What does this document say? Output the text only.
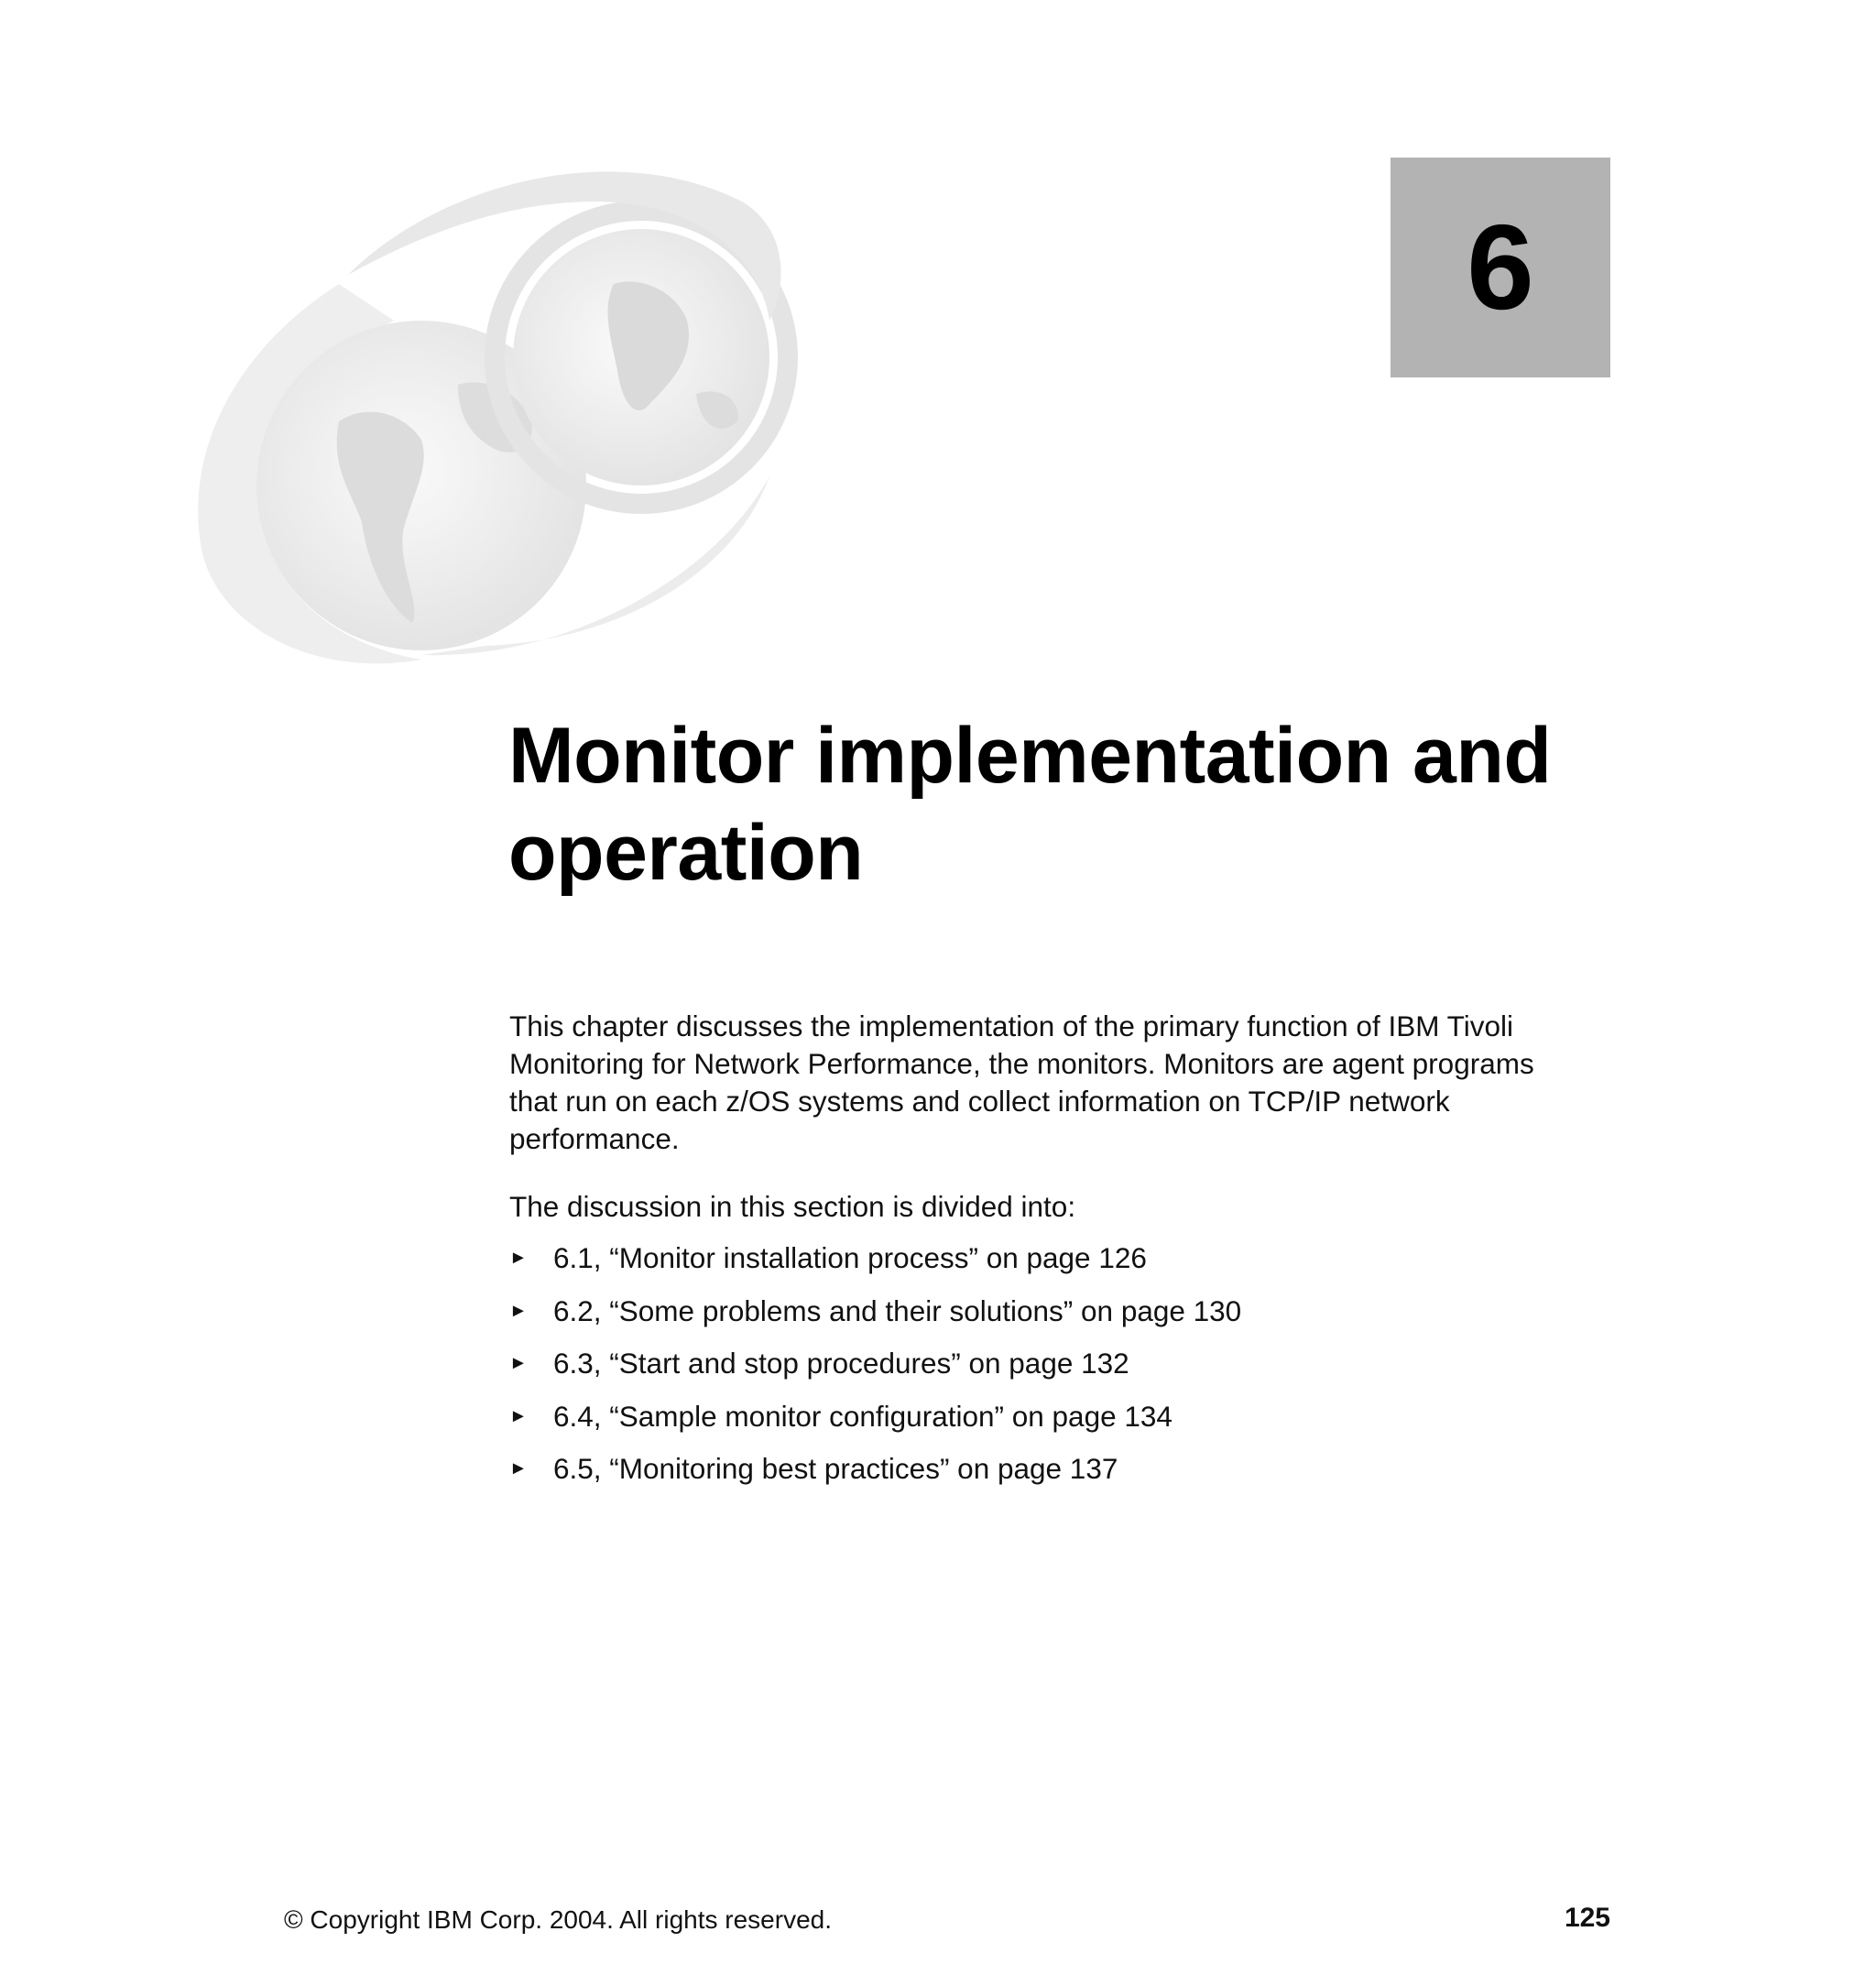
6
Monitor implementation and
operation

This chapter discusses the implementation of the primary function of IBM Tivoli
Monitoring for Network Performance, the monitors. Monitors are agent programs
that run on each z/OS systems and collect information on TCP/IP network
performance.

The discussion in this section is divided into:

► 6.1, “Monitor installation process” on page 126
► 6.2, “Some problems and their solutions” on page 130
► 6.3, “Start and stop procedures” on page 132
► 6.4, “Sample monitor configuration” on page 134
► 6.5, “Monitoring best practices” on page 137
© Copyright IBM Corp. 2004. All rights reserved.	125
